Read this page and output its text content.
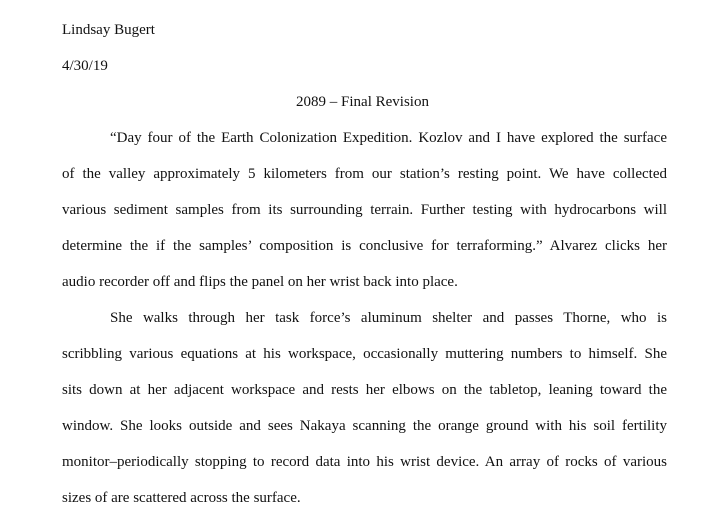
Lindsay Bugert
4/30/19
2089 – Final Revision
“Day four of the Earth Colonization Expedition. Kozlov and I have explored the surface
of the valley approximately 5 kilometers from our station’s resting point. We have collected
various sediment samples from its surrounding terrain. Further testing with hydrocarbons will
determine the if the samples’ composition is conclusive for terraforming.” Alvarez clicks her
audio recorder off and flips the panel on her wrist back into place.
She walks through her task force’s aluminum shelter and passes Thorne, who is
scribbling various equations at his workspace, occasionally muttering numbers to himself. She
sits down at her adjacent workspace and rests her elbows on the tabletop, leaning toward the
window. She looks outside and sees Nakaya scanning the orange ground with his soil fertility
monitor–periodically stopping to record data into his wrist device. An array of rocks of various
sizes of are scattered across the surface.
